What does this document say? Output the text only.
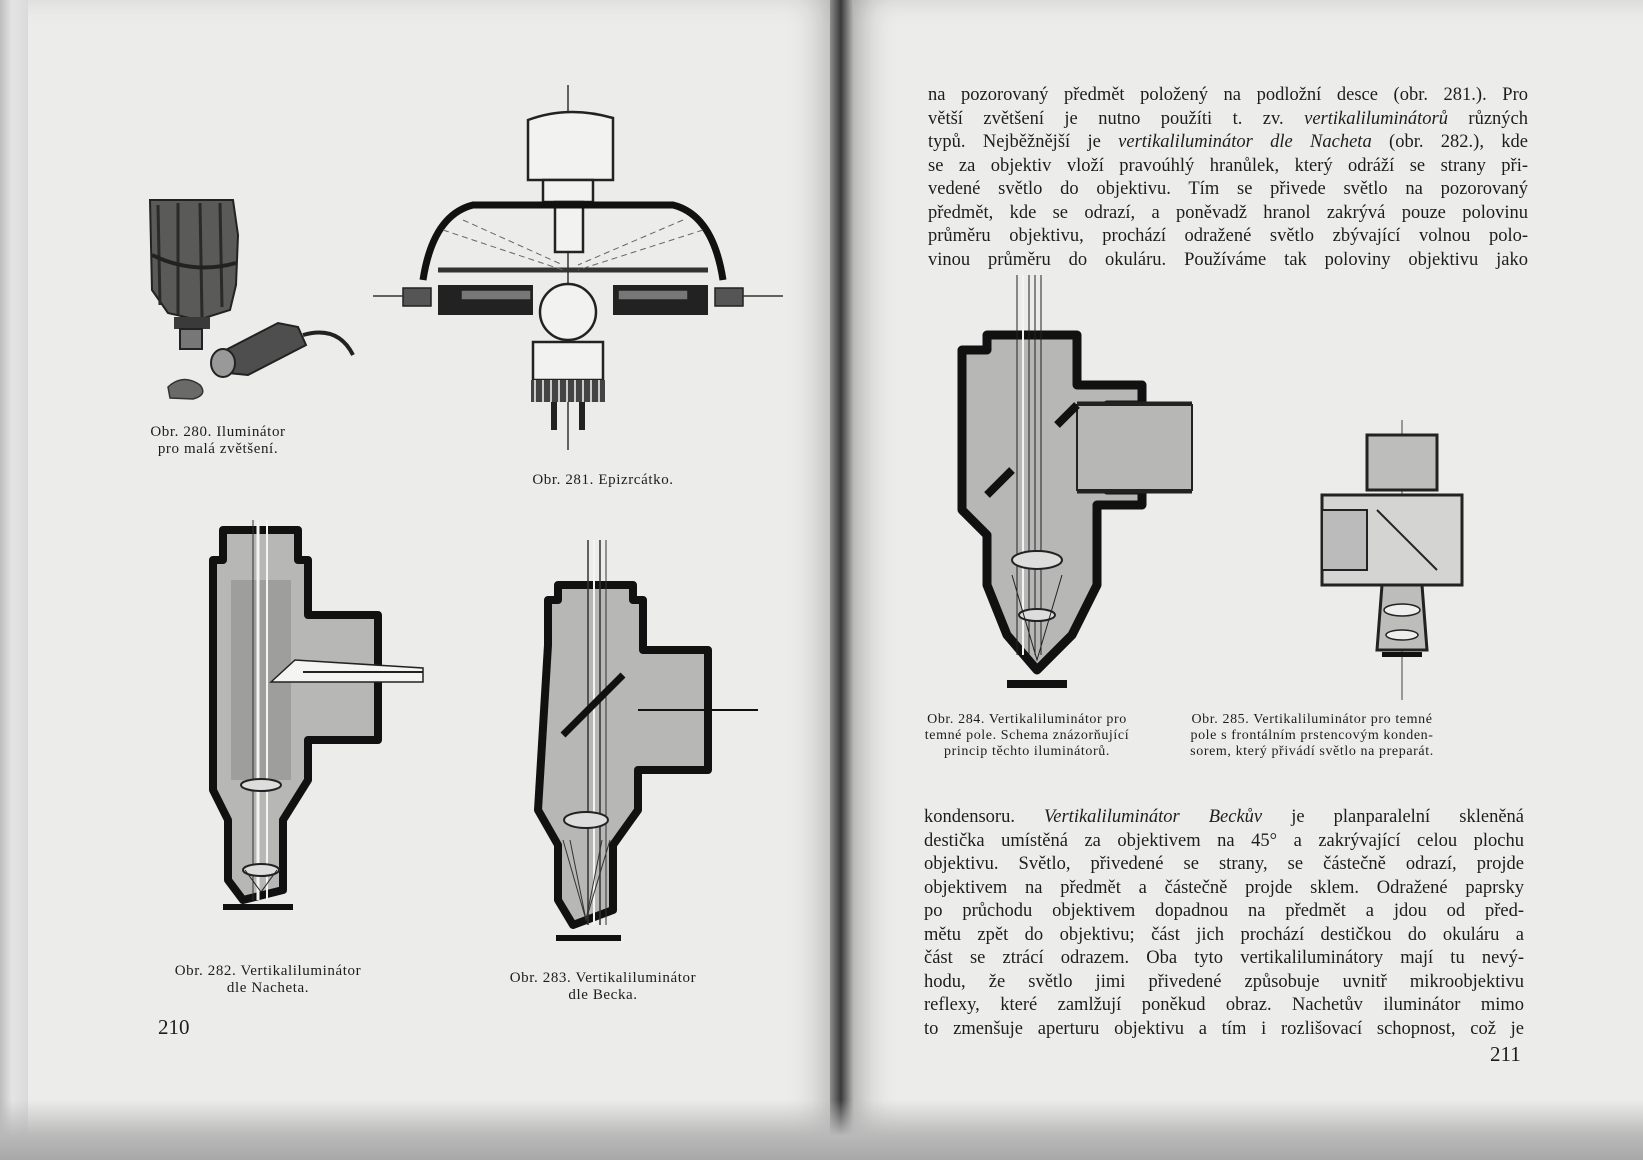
Obr. 280. Iluminátor
pro malá zvětšení.
Obr. 281. Epizrcátko.
Obr. 282. Vertikaliluminátor
dle Nacheta.
Obr. 283. Vertikaliluminátor
dle Becka.
210
na pozorovaný předmět položený na podložní desce (obr. 281.). Pro
větší zvětšení je nutno použíti t. zv. vertikaliluminátorů různých
typů. Nejběžnější je vertikaliluminátor dle Nacheta (obr. 282.), kde
se za objektiv vloží pravoúhlý hranůlek, který odráží se strany při-
vedené světlo do objektivu. Tím se přivede světlo na pozorovaný
předmět, kde se odrazí, a poněvadž hranol zakrývá pouze polovinu
průměru objektivu, prochází odražené světlo zbývající volnou polo-
vinou průměru do okuláru. Používáme tak poloviny objektivu jako
Obr. 284. Vertikaliluminátor pro
temné pole. Schema znázorňující
princip těchto iluminátorů.
Obr. 285. Vertikaliluminátor pro temné
pole s frontálním prstencovým konden-
sorem, který přivádí světlo na preparát.
kondensoru. Vertikaliluminátor Beckův je planparalelní skleněná
destička umístěná za objektivem na 45° a zakrývající celou plochu
objektivu. Světlo, přivedené se strany, se částečně odrazí, projde
objektivem na předmět a částečně projde sklem. Odražené paprsky
po průchodu objektivem dopadnou na předmět a jdou od před-
mětu zpět do objektivu; část jich prochází destičkou do okuláru a
část se ztrácí odrazem. Oba tyto vertikaliluminátory mají tu nevý-
hodu, že světlo jimi přivedené způsobuje uvnitř mikroobjektivu
reflexy, které zamlžují poněkud obraz. Nachetův iluminátor mimo
to zmenšuje aperturu objektivu a tím i rozlišovací schopnost, což je
211
